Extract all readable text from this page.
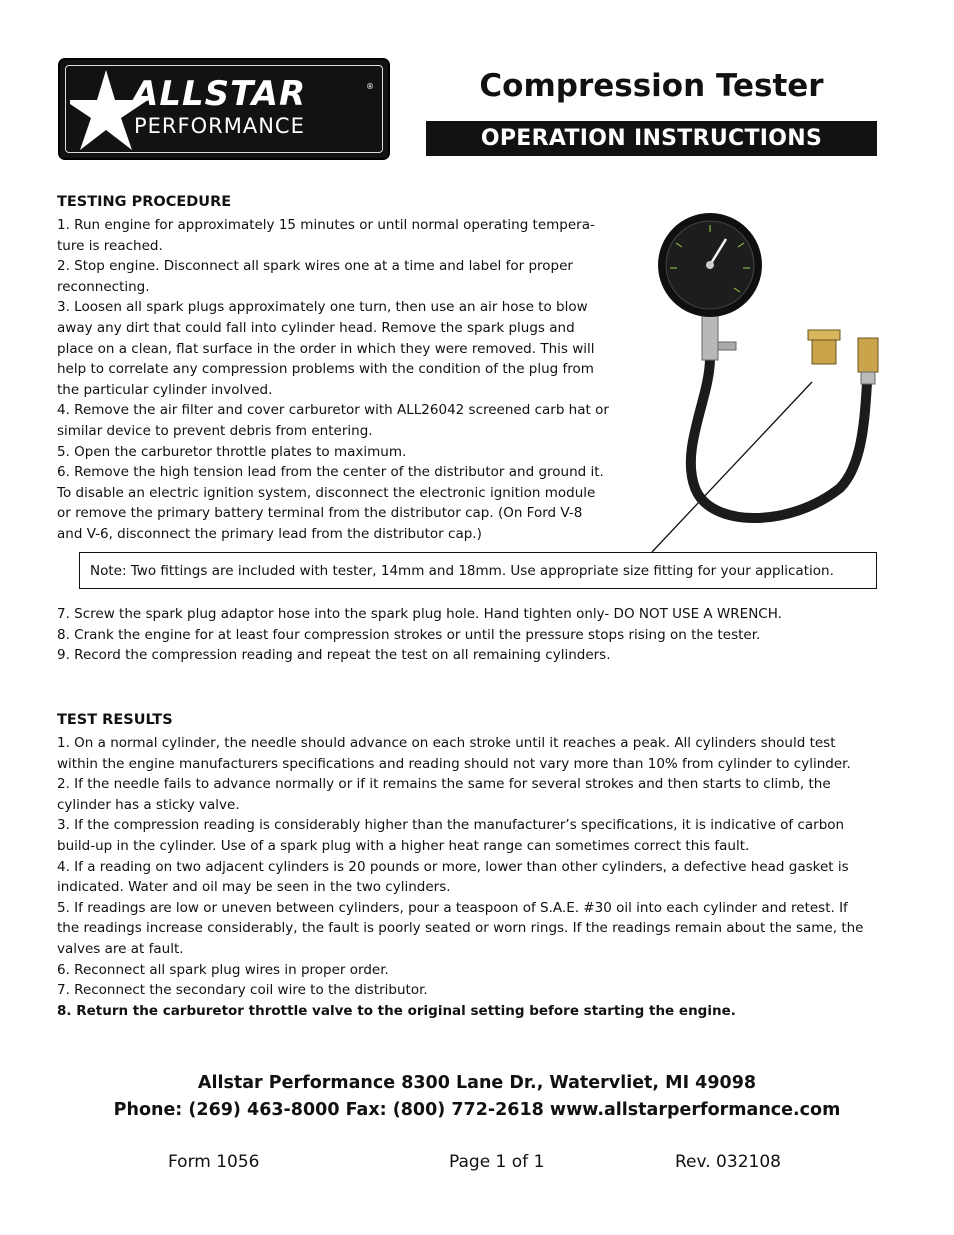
ALLSTAR	®
PERFORMANCE
Compression Tester
OPERATION INSTRUCTIONS
TESTING PROCEDURE

1. Run engine for approximately 15 minutes or until normal operating tempera-

ture is reached.

2. Stop engine. Disconnect all spark wires one at a time and label for proper

reconnecting.

3. Loosen all spark plugs approximately one turn, then use an air hose to blow

away any dirt that could fall into cylinder head. Remove the spark plugs and

place on a clean, flat surface in the order in which they were removed. This will

help to correlate any compression problems with the condition of the plug from

the particular cylinder involved.

4. Remove the air filter and cover carburetor with ALL26042 screened carb hat or

similar device to prevent debris from entering.

5. Open the carburetor throttle plates to maximum.

6. Remove the high tension lead from the center of the distributor and ground it.

To disable an electric ignition system, disconnect the electronic ignition module

or remove the primary battery terminal from the distributor cap. (On Ford V-8

and V-6, disconnect the primary lead from the distributor cap.)

Note: Two fittings are included with tester, 14mm and 18mm. Use appropriate size fitting for your application.

7. Screw the spark plug adaptor hose into the spark plug hole. Hand tighten only- DO NOT USE A WRENCH.

8. Crank the engine for at least four compression strokes or until the pressure stops rising on the tester.

9. Record the compression reading and repeat the test on all remaining cylinders.

TEST RESULTS

1. On a normal cylinder, the needle should advance on each stroke until it reaches a peak. All cylinders should test

within the engine manufacturers specifications and reading should not vary more than 10% from cylinder to cylinder.

2. If the needle fails to advance normally or if it remains the same for several strokes and then starts to climb, the

cylinder has a sticky valve.

3. If the compression reading is considerably higher than the manufacturer’s specifications, it is indicative of carbon

build-up in the cylinder. Use of a spark plug with a higher heat range can sometimes correct this fault.

4. If a reading on two adjacent cylinders is 20 pounds or more, lower than other cylinders, a defective head gasket is

indicated. Water and oil may be seen in the two cylinders.

5. If readings are low or uneven between cylinders, pour a teaspoon of S.A.E. #30 oil into each cylinder and retest. If

the readings increase considerably, the fault is poorly seated or worn rings. If the readings remain about the same, the

valves are at fault.

6. Reconnect all spark plug wires in proper order.

7. Reconnect the secondary coil wire to the distributor.

8. Return the carburetor throttle valve to the original setting before starting the engine.

Allstar Performance 8300 Lane Dr., Watervliet, MI 49098
Phone: (269) 463-8000 Fax: (800) 772-2618 www.allstarperformance.com
Form 1056	Page 1 of 1	Rev. 032108
